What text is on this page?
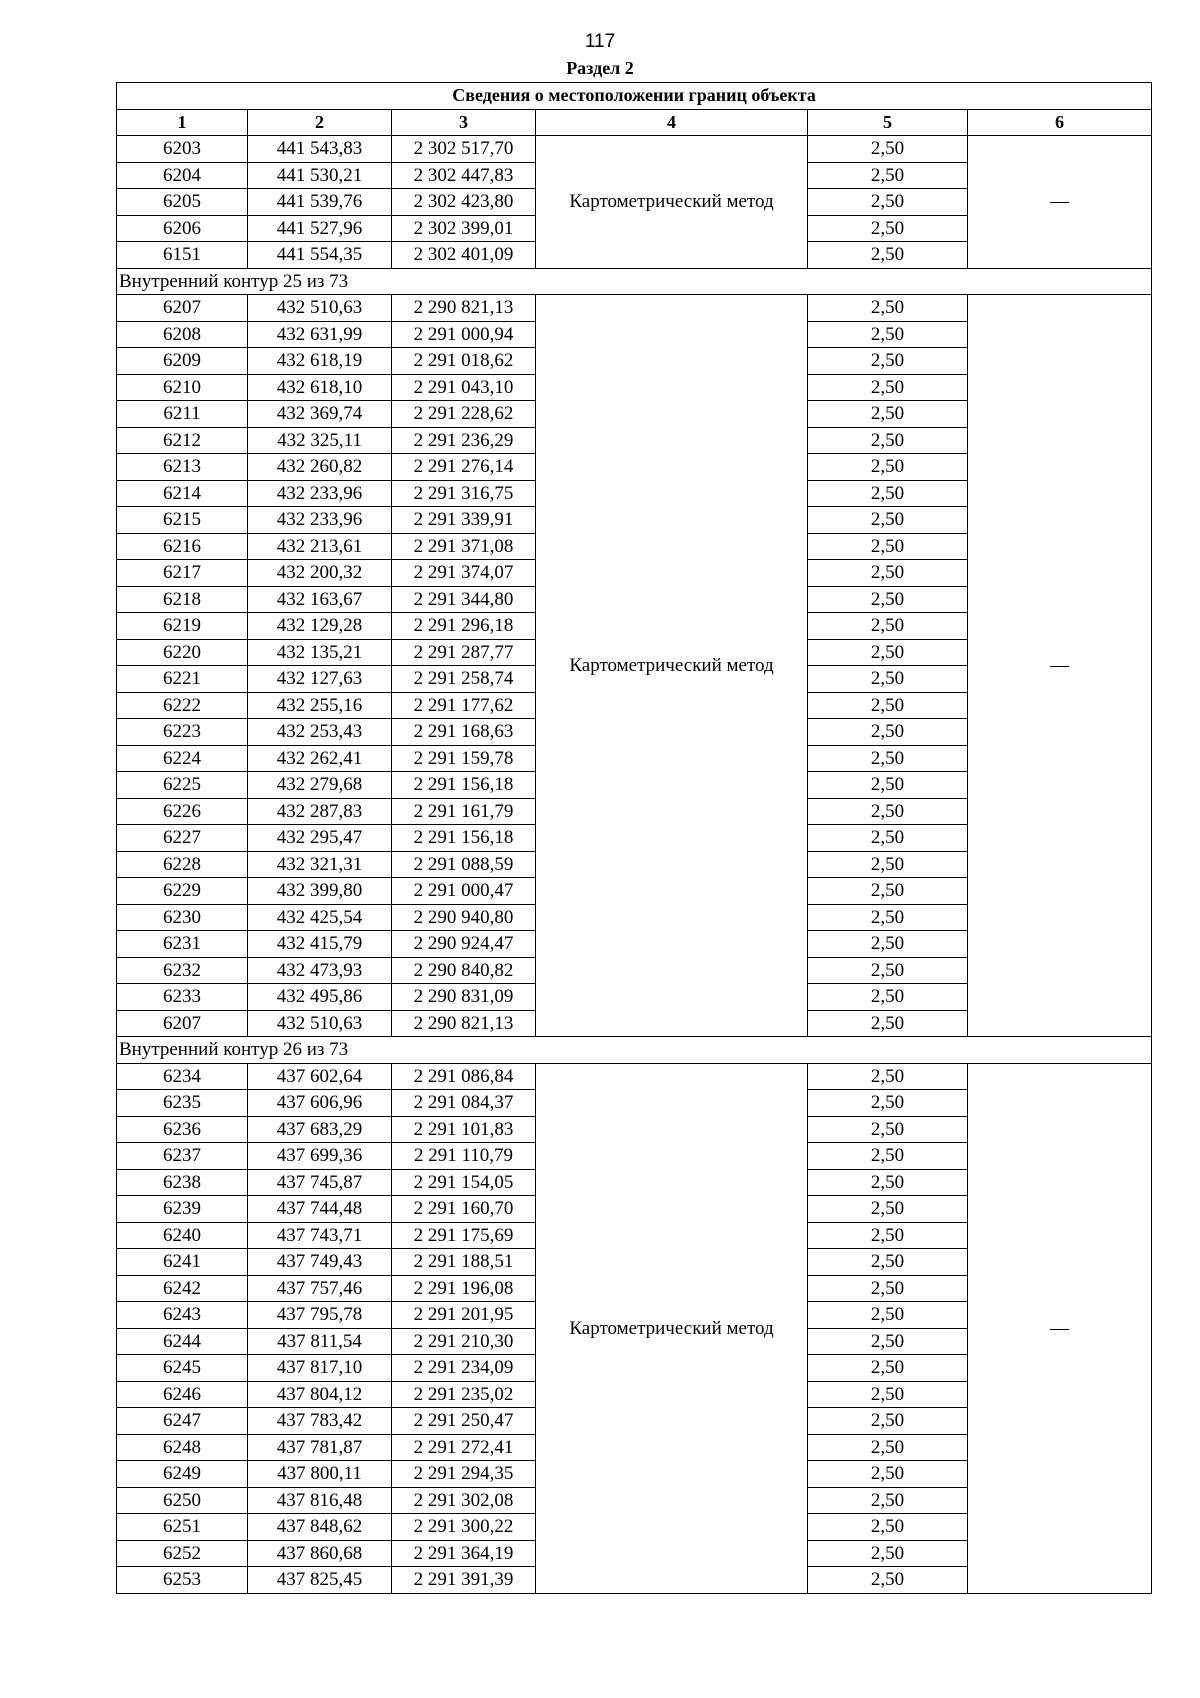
117
Раздел 2
Сведения о местоположении границ объекта					
1	2	3	4	5	6
6203	441 543,83	2 302 517,70	Картометрический метод	2,50	—
6204	441 530,21	2 302 447,83		2,50	
6205	441 539,76	2 302 423,80		2,50	
6206	441 527,96	2 302 399,01		2,50	
6151	441 554,35	2 302 401,09		2,50	
Внутренний контур 25 из 73					
6207	432 510,63	2 290 821,13	Картометрический метод	2,50	—
6208	432 631,99	2 291 000,94		2,50	
6209	432 618,19	2 291 018,62		2,50	
6210	432 618,10	2 291 043,10		2,50	
6211	432 369,74	2 291 228,62		2,50	
6212	432 325,11	2 291 236,29		2,50	
6213	432 260,82	2 291 276,14		2,50	
6214	432 233,96	2 291 316,75		2,50	
6215	432 233,96	2 291 339,91		2,50	
6216	432 213,61	2 291 371,08		2,50	
6217	432 200,32	2 291 374,07		2,50	
6218	432 163,67	2 291 344,80		2,50	
6219	432 129,28	2 291 296,18		2,50	
6220	432 135,21	2 291 287,77		2,50	
6221	432 127,63	2 291 258,74		2,50	
6222	432 255,16	2 291 177,62		2,50	
6223	432 253,43	2 291 168,63		2,50	
6224	432 262,41	2 291 159,78		2,50	
6225	432 279,68	2 291 156,18		2,50	
6226	432 287,83	2 291 161,79		2,50	
6227	432 295,47	2 291 156,18		2,50	
6228	432 321,31	2 291 088,59		2,50	
6229	432 399,80	2 291 000,47		2,50	
6230	432 425,54	2 290 940,80		2,50	
6231	432 415,79	2 290 924,47		2,50	
6232	432 473,93	2 290 840,82		2,50	
6233	432 495,86	2 290 831,09		2,50	
6207	432 510,63	2 290 821,13		2,50	
Внутренний контур 26 из 73					
6234	437 602,64	2 291 086,84	Картометрический метод	2,50	—
6235	437 606,96	2 291 084,37		2,50	
6236	437 683,29	2 291 101,83		2,50	
6237	437 699,36	2 291 110,79		2,50	
6238	437 745,87	2 291 154,05		2,50	
6239	437 744,48	2 291 160,70		2,50	
6240	437 743,71	2 291 175,69		2,50	
6241	437 749,43	2 291 188,51		2,50	
6242	437 757,46	2 291 196,08		2,50	
6243	437 795,78	2 291 201,95		2,50	
6244	437 811,54	2 291 210,30		2,50	
6245	437 817,10	2 291 234,09		2,50	
6246	437 804,12	2 291 235,02		2,50	
6247	437 783,42	2 291 250,47		2,50	
6248	437 781,87	2 291 272,41		2,50	
6249	437 800,11	2 291 294,35		2,50	
6250	437 816,48	2 291 302,08		2,50	
6251	437 848,62	2 291 300,22		2,50	
6252	437 860,68	2 291 364,19		2,50	
6253	437 825,45	2 291 391,39		2,50	
